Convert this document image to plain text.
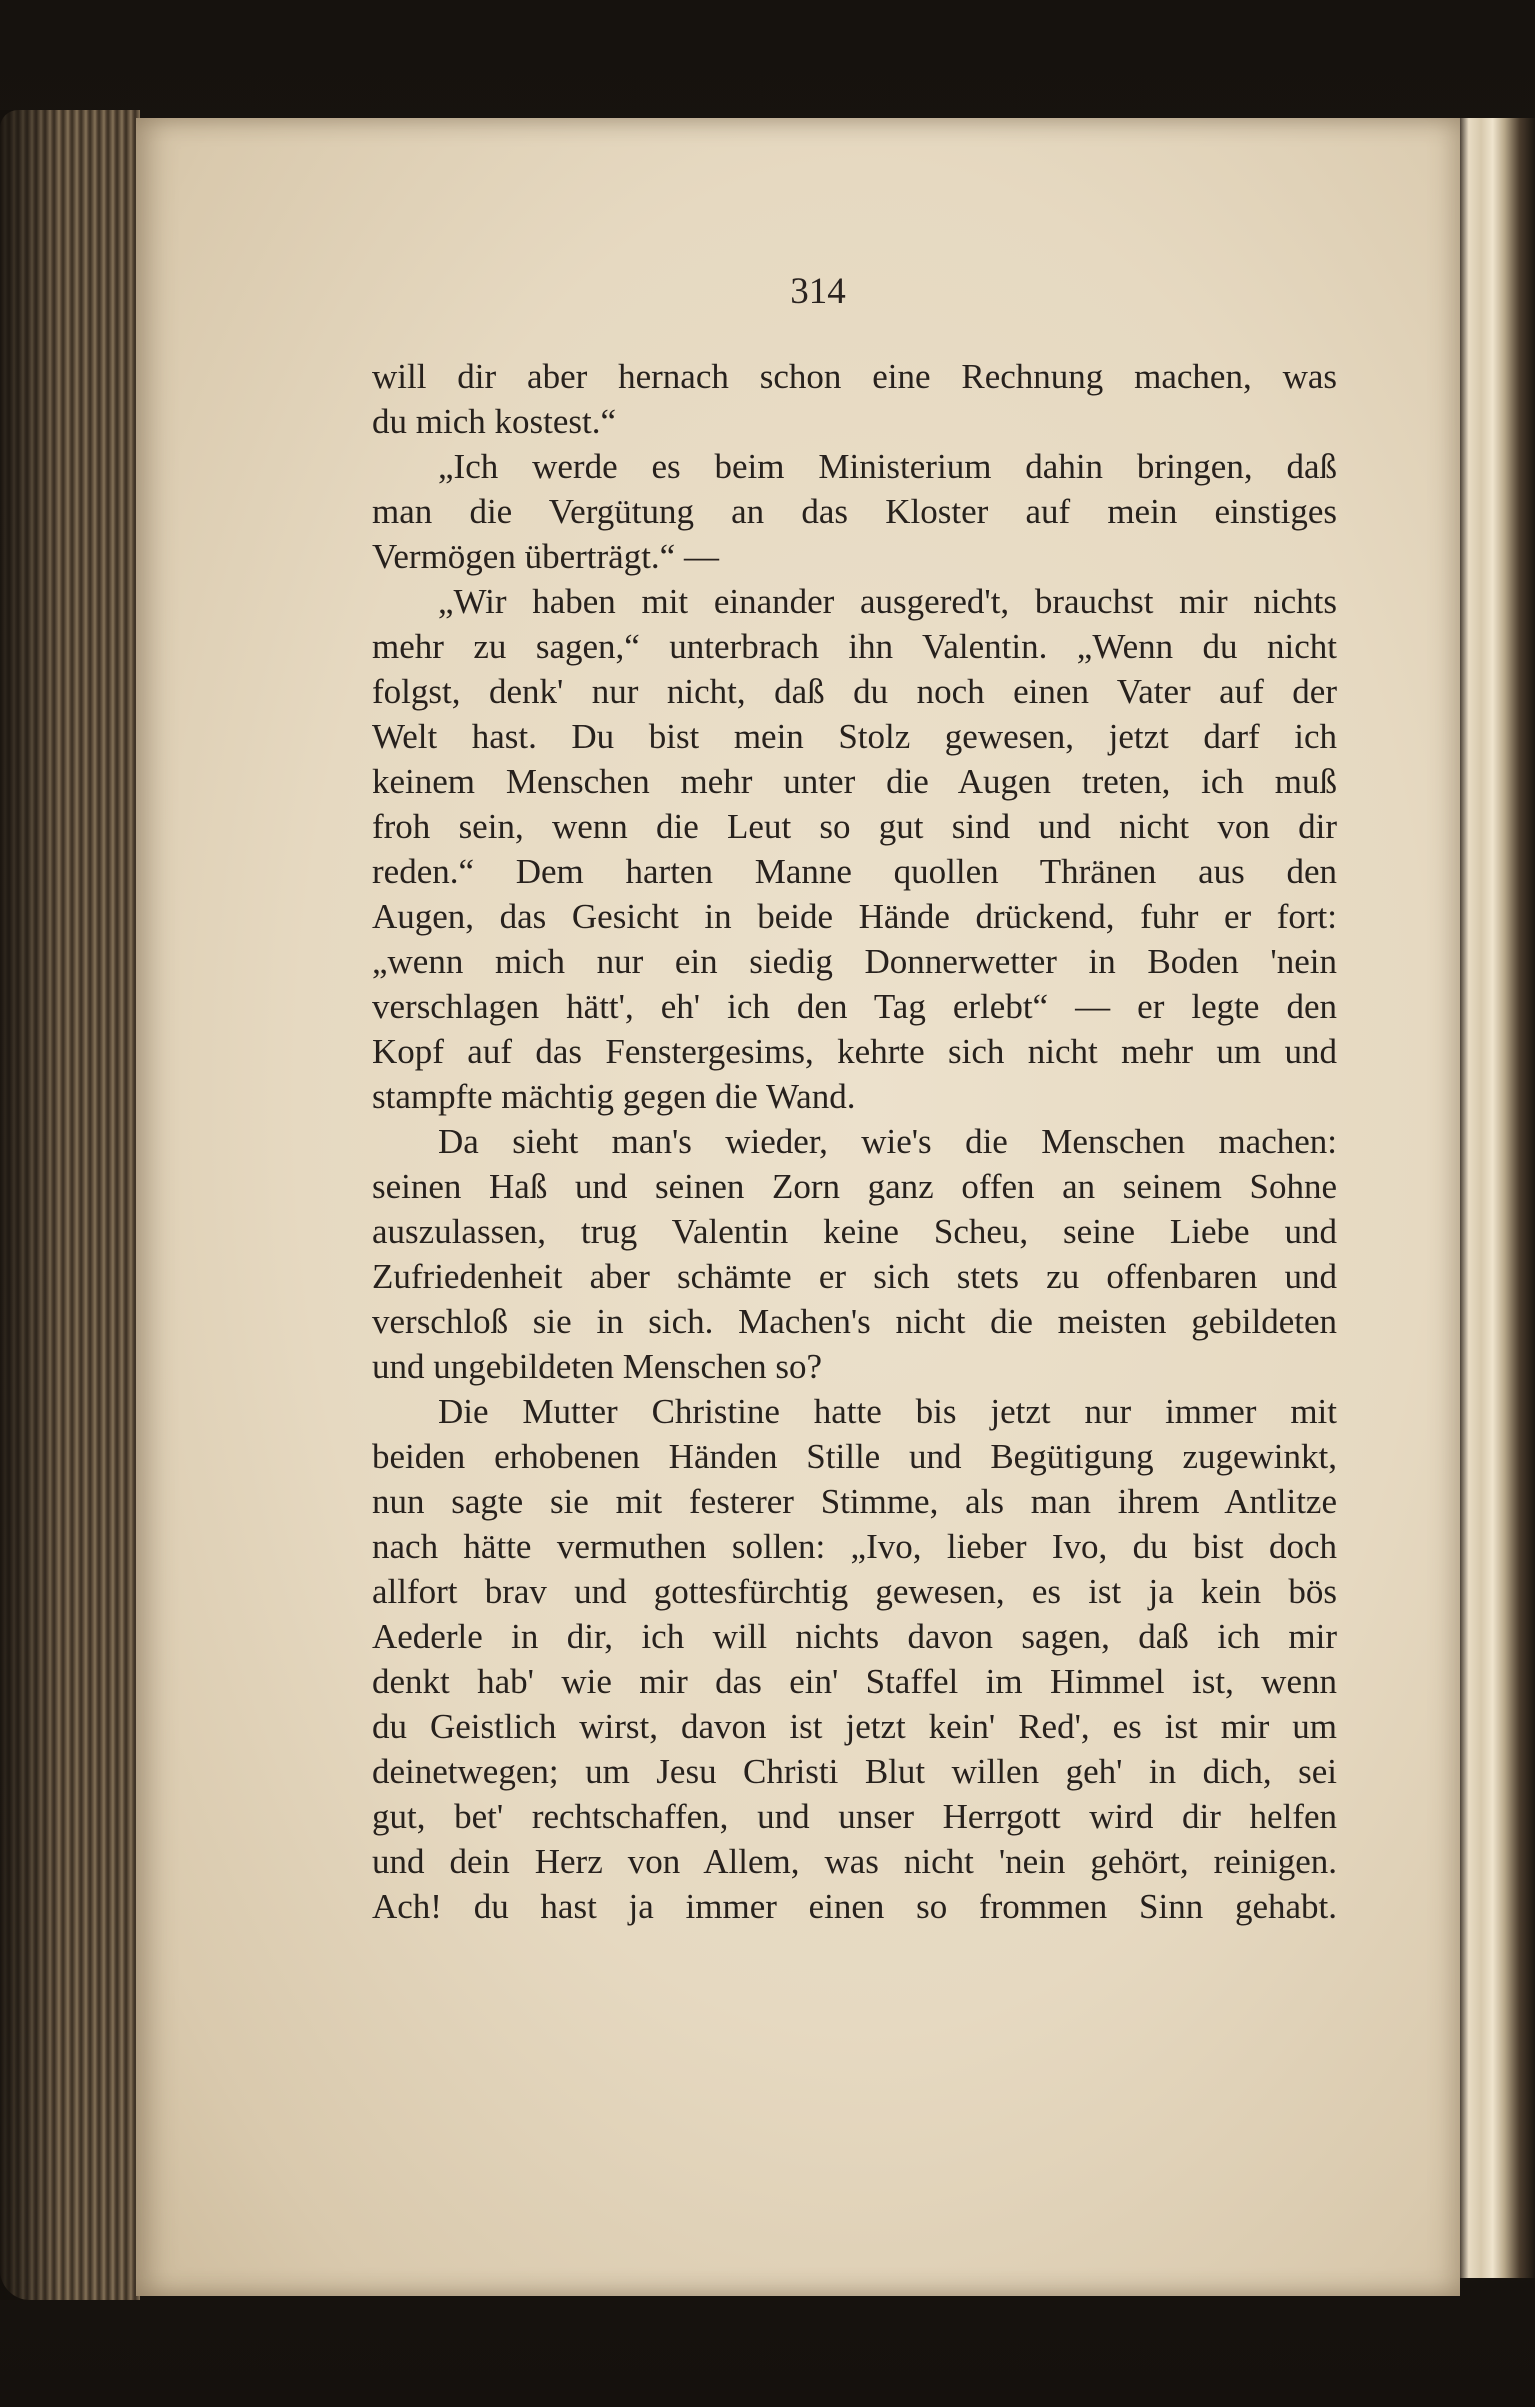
314
will dir aber hernach schon eine Rechnung machen, was
du mich kostest.“
„Ich werde es beim Ministerium dahin bringen, daß
man die Vergütung an das Kloster auf mein einstiges
Vermögen überträgt.“ —
„Wir haben mit einander ausgered't, brauchst mir nichts
mehr zu sagen,“ unterbrach ihn Valentin. „Wenn du nicht
folgst, denk' nur nicht, daß du noch einen Vater auf der
Welt hast. Du bist mein Stolz gewesen, jetzt darf ich
keinem Menschen mehr unter die Augen treten, ich muß
froh sein, wenn die Leut so gut sind und nicht von dir
reden.“ Dem harten Manne quollen Thränen aus den
Augen, das Gesicht in beide Hände drückend, fuhr er fort:
„wenn mich nur ein siedig Donnerwetter in Boden 'nein
verschlagen hätt', eh' ich den Tag erlebt“ — er legte den
Kopf auf das Fenstergesims, kehrte sich nicht mehr um und
stampfte mächtig gegen die Wand.
Da sieht man's wieder, wie's die Menschen machen:
seinen Haß und seinen Zorn ganz offen an seinem Sohne
auszulassen, trug Valentin keine Scheu, seine Liebe und
Zufriedenheit aber schämte er sich stets zu offenbaren und
verschloß sie in sich. Machen's nicht die meisten gebildeten
und ungebildeten Menschen so?
Die Mutter Christine hatte bis jetzt nur immer mit
beiden erhobenen Händen Stille und Begütigung zugewinkt,
nun sagte sie mit festerer Stimme, als man ihrem Antlitze
nach hätte vermuthen sollen: „Ivo, lieber Ivo, du bist doch
allfort brav und gottesfürchtig gewesen, es ist ja kein bös
Aederle in dir, ich will nichts davon sagen, daß ich mir
denkt hab' wie mir das ein' Staffel im Himmel ist, wenn
du Geistlich wirst, davon ist jetzt kein' Red', es ist mir um
deinetwegen; um Jesu Christi Blut willen geh' in dich, sei
gut, bet' rechtschaffen, und unser Herrgott wird dir helfen
und dein Herz von Allem, was nicht 'nein gehört, reinigen.
Ach! du hast ja immer einen so frommen Sinn gehabt.
